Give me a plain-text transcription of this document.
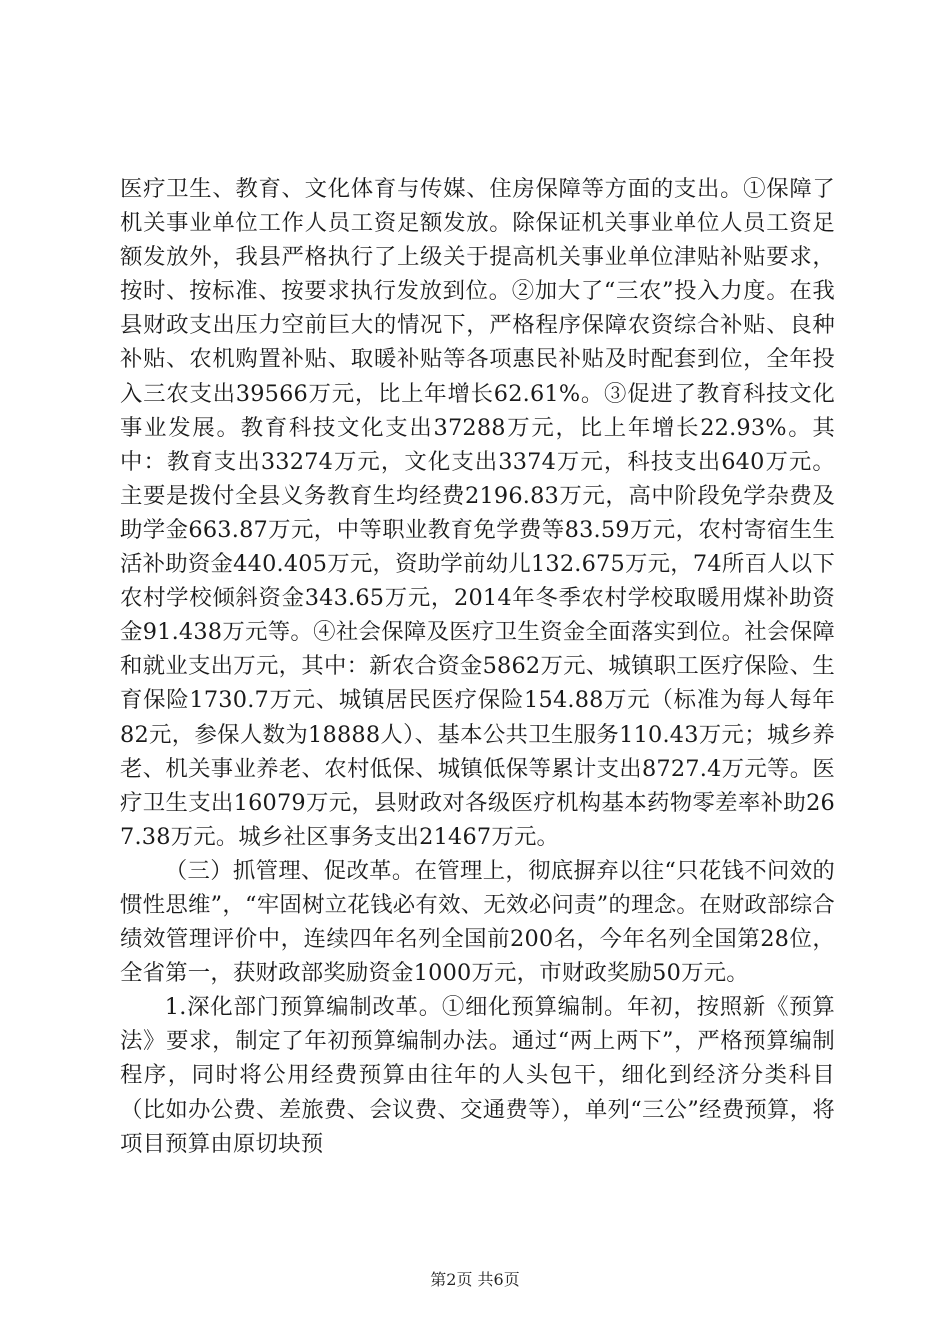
医疗卫生、教育、文化体育与传媒、住房保障等方面的支出。①保障了机关事业单位工作人员工资足额发放。除保证机关事业单位人员工资足额发放外，我县严格执行了上级关于提高机关事业单位津贴补贴要求，按时、按标准、按要求执行发放到位。②加大了“三农”投入力度。在我县财政支出压力空前巨大的情况下，严格程序保障农资综合补贴、良种补贴、农机购置补贴、取暖补贴等各项惠民补贴及时配套到位，全年投入三农支出39566万元，比上年增长62.61%。③促进了教育科技文化事业发展。教育科技文化支出37288万元，比上年增长22.93%。其中：教育支出33274万元，文化支出3374万元，科技支出640万元。主要是拨付全县义务教育生均经费2196.83万元，高中阶段免学杂费及助学金663.87万元，中等职业教育免学费等83.59万元，农村寄宿生生活补助资金440.405万元，资助学前幼儿132.675万元，74所百人以下农村学校倾斜资金343.65万元，2014年冬季农村学校取暖用煤补助资金91.438万元等。④社会保障及医疗卫生资金全面落实到位。社会保障和就业支出万元，其中：新农合资金5862万元、城镇职工医疗保险、生育保险1730.7万元、城镇居民医疗保险154.88万元（标准为每人每年82元，参保人数为18888人）、基本公共卫生服务110.43万元；城乡养老、机关事业养老、农村低保、城镇低保等累计支出8727.4万元等。医疗卫生支出16079万元，县财政对各级医疗机构基本药物零差率补助267.38万元。城乡社区事务支出21467万元。

（三）抓管理、促改革。在管理上，彻底摒弃以往“只花钱不问效的惯性思维”，“牢固树立花钱必有效、无效必问责”的理念。在财政部综合绩效管理评价中，连续四年名列全国前200名，今年名列全国第28位，全省第一，获财政部奖励资金1000万元，市财政奖励50万元。

1.深化部门预算编制改革。①细化预算编制。年初，按照新《预算法》要求，制定了年初预算编制办法。通过“两上两下”，严格预算编制程序，同时将公用经费预算由往年的人头包干，细化到经济分类科目（比如办公费、差旅费、会议费、交通费等），单列“三公”经费预算，将项目预算由原切块预

第2页 共6页
